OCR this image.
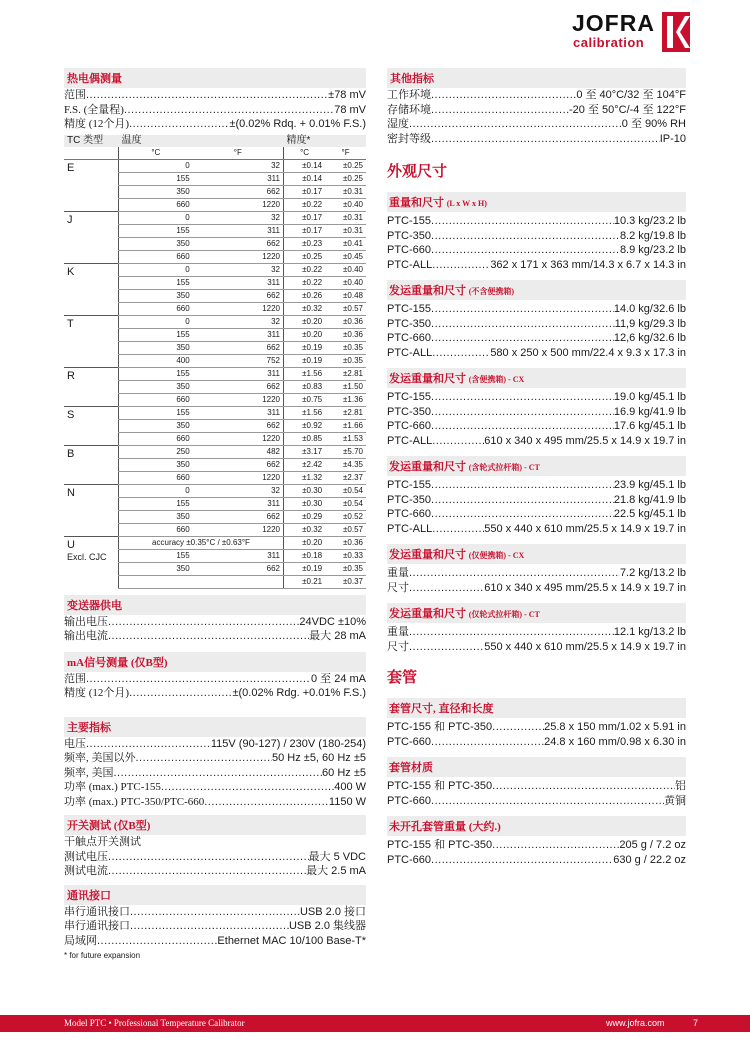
JOFRA
calibration
热电偶测量
范围 .....	±78 mV
F.S. (全量程) .....	78 mV
精度 (12个月) .....	±(0.02% Rdq. + 0.01% F.S.)
TC 类型	温度		精度*	
	°C	°F	°C	°F

E	0	32	±0.14	±0.25
	155	311	±0.14	±0.25
	350	662	±0.17	±0.31
	660	1220	±0.22	±0.40

J	0	32	±0.17	±0.31
	155	311	±0.17	±0.31
	350	662	±0.23	±0.41
	660	1220	±0.25	±0.45

K	0	32	±0.22	±0.40
	155	311	±0.22	±0.40
	350	662	±0.26	±0.48
	660	1220	±0.32	±0.57

T	0	32	±0.20	±0.36
	155	311	±0.20	±0.36
	350	662	±0.19	±0.35
	400	752	±0.19	±0.35

R	155	311	±1.56	±2.81
	350	662	±0.83	±1.50
	660	1220	±0.75	±1.36

S	155	311	±1.56	±2.81
	350	662	±0.92	±1.66
	660	1220	±0.85	±1.53

B	250	482	±3.17	±5.70
	350	662	±2.42	±4.35
	660	1220	±1.32	±2.37

N	0	32	±0.30	±0.54
	155	311	±0.30	±0.54
	350	662	±0.29	±0.52
	660	1220	±0.32	±0.57

U
Excl. CJC	accuracy ±0.35°C / ±0.63°F		±0.20	±0.36
	155	311	±0.18	±0.33
	350	662	±0.19	±0.35
			±0.21	±0.37
变送器供电
输出电压 .....	24VDC ±10%
输出电流 .....	最大 28 mA
mA信号测量 (仅B型)
范围 .....	0 至 24 mA
精度 (12个月) .....	±(0.02% Rdg. +0.01% F.S.)
主要指标
电压 .....	115V (90-127) / 230V (180-254)
频率, 美国以外 .....	50 Hz ±5, 60 Hz ±5
频率, 美国 .....	60 Hz ±5
功率 (max.) PTC-155 .....	400 W
功率 (max.) PTC-350/PTC-660 .....	1150 W
开关测试 (仅B型)
干触点开关测试
测试电压 .....	最大 5 VDC
测试电流 .....	最大 2.5 mA
通讯接口
串行通讯接口 .....	USB 2.0 接口
串行通讯接口 .....	USB 2.0 集线器
局域网 .....	Ethernet MAC 10/100 Base-T*
* for future expansion
其他指标
工作环境 .....	0 至 40°C/32 至 104°F
存储环境 .....	-20 至 50°C/-4 至 122°F
湿度 .....	0 至 90% RH
密封等级 .....	IP-10
外观尺寸
重量和尺寸 (L x W x H)
PTC-155 .....	10.3 kg/23.2 lb
PTC-350 .....	8.2 kg/19.8 lb
PTC-660 .....	8.9 kg/23.2 lb
PTC-ALL .....	362 x 171 x 363 mm/14.3 x 6.7 x 14.3 in
发运重量和尺寸 (不含便携箱)
PTC-155 .....	14.0 kg/32.6 lb
PTC-350 .....	11,9 kg/29.3 lb
PTC-660 .....	12,6 kg/32.6 lb
PTC-ALL .....	580 x 250 x 500 mm/22.4 x 9.3 x 17.3 in
发运重量和尺寸 (含便携箱) - CX
PTC-155 .....	19.0 kg/45.1 lb
PTC-350 .....	16.9 kg/41.9 lb
PTC-660 .....	17.6 kg/45.1 lb
PTC-ALL .....	610 x 340 x 495 mm/25.5 x 14.9 x 19.7 in
发运重量和尺寸 (含轮式拉杆箱) - CT
PTC-155 .....	23.9 kg/45.1 lb
PTC-350 .....	21.8 kg/41.9 lb
PTC-660 .....	22.5 kg/45.1 lb
PTC-ALL .....	550 x 440 x 610 mm/25.5 x 14.9 x 19.7 in
发运重量和尺寸 (仅便携箱) - CX
重量 .....	7.2 kg/13.2 lb
尺寸 .....	610 x 340 x 495 mm/25.5 x 14.9 x 19.7 in
发运重量和尺寸 (仅轮式拉杆箱) - CT
重量 .....	12.1 kg/13.2 lb
尺寸 .....	550 x 440 x 610 mm/25.5 x 14.9 x 19.7 in
套管
套管尺寸, 直径和长度
PTC-155 和 PTC-350 .....	25.8 x 150 mm/1.02 x 5.91 in
PTC-660 .....	24.8 x 160 mm/0.98 x 6.30 in
套管材质
PTC-155 和 PTC-350 .....	铝
PTC-660 .....	黄铜
未开孔套管重量 (大约.)
PTC-155 和 PTC-350 .....	205 g / 7.2 oz
PTC-660 .....	630 g / 22.2 oz
Model PTC • Professional Temperature Calibrator	www.jofra.com	7
